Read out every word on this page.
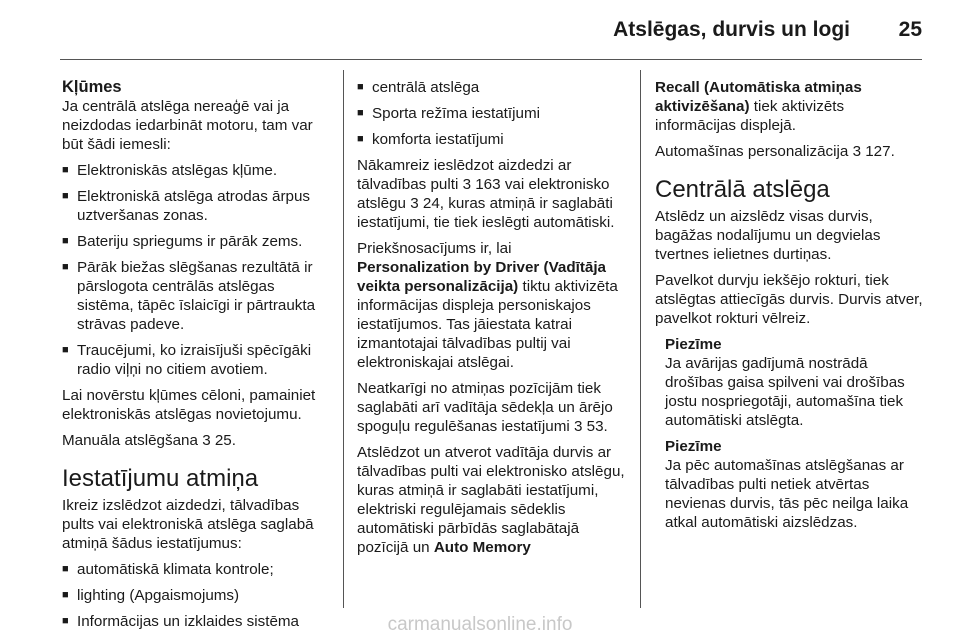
Atslēgas, durvis un logi 25
Kļūmes

Ja centrālā atslēga nereaģē vai ja neizdodas iedarbināt motoru, tam var būt šādi iemesli:

■ Elektroniskās atslēgas kļūme.
■ Elektroniskā atslēga atrodas ārpus uztveršanas zonas.
■ Bateriju spriegums ir pārāk zems.
■ Pārāk biežas slēgšanas rezultātā ir pārslogota centrālās atslēgas sistēma, tāpēc īslaicīgi ir pārtraukta strāvas padeve.
■ Traucējumi, ko izraisījuši spēcīgāki radio viļņi no citiem avotiem.

Lai novērstu kļūmes cēloni, pamainiet elektroniskās atslēgas novietojumu.

Manuāla atslēgšana 3 25.

Iestatījumu atmiņa

Ikreiz izslēdzot aizdedzi, tālvadības pults vai elektroniskā atslēga saglabā atmiņā šādus iestatījumus:

■ automātiskā klimata kontrole;
■ lighting (Apgaismojums)
■ Informācijas un izklaides sistēma
■ centrālā atslēga
■ Sporta režīma iestatījumi
■ komforta iestatījumi

Nākamreiz ieslēdzot aizdedzi ar tālvadības pulti 3 163 vai elektronisko atslēgu 3 24, kuras atmiņā ir saglabāti iestatījumi, tie tiek ieslēgti automātiski.

Priekšnosacījums ir, lai Personalization by Driver (Vadītāja veikta personalizācija) tiktu aktivizēta informācijas displeja personiskajos iestatījumos. Tas jāiestata katrai izmantotajai tālvadības pultij vai elektroniskajai atslēgai.

Neatkarīgi no atmiņas pozīcijām tiek saglabāti arī vadītāja sēdekļa un ārējo spoguļu regulēšanas iestatījumi 3 53.

Atslēdzot un atverot vadītāja durvis ar tālvadības pulti vai elektronisko atslēgu, kuras atmiņā ir saglabāti iestatījumi, elektriski regulējamais sēdeklis automātiski pārbīdās saglabātajā pozīcijā un Auto Memory

Recall (Automātiska atmiņas aktivizēšana) tiek aktivizēts informācijas displejā.

Automašīnas personalizācija 3 127.

Centrālā atslēga

Atslēdz un aizslēdz visas durvis, bagāžas nodalījumu un degvielas tvertnes ielietnes durtiņas.

Pavelkot durvju iekšējo rokturi, tiek atslēgtas attiecīgās durvis. Durvis atver, pavelkot rokturi vēlreiz.

Piezīme

Ja avārijas gadījumā nostrādā drošības gaisa spilveni vai drošības jostu nospriegotāji, automašīna tiek automātiski atslēgta.

Piezīme

Ja pēc automašīnas atslēgšanas ar tālvadības pulti netiek atvērtas nevienas durvis, tās pēc neilga laika atkal automātiski aizslēdzas.

carmanualsonline.info
